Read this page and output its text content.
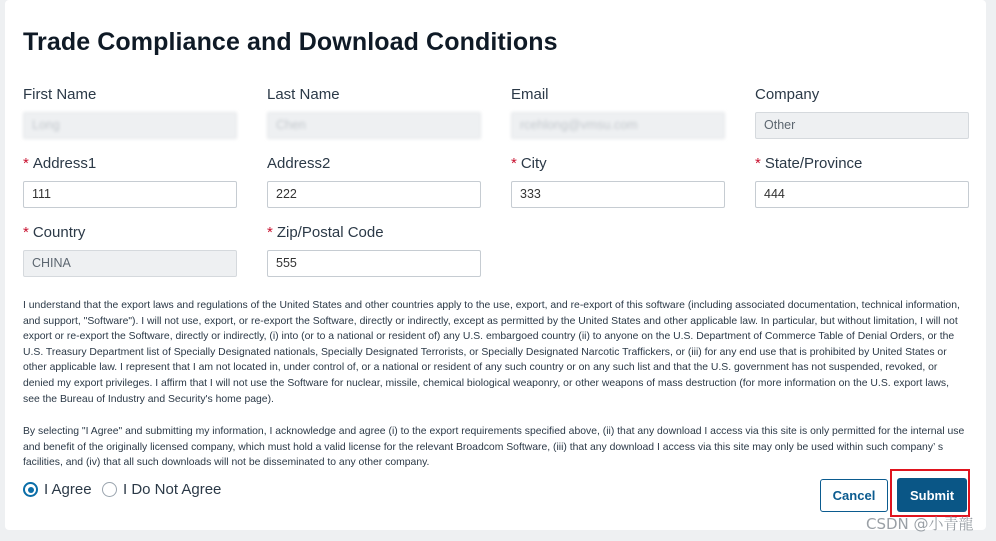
Trade Compliance and Download Conditions
First Name
Long
Last Name
Chen
Email
rcehlong@vmsu.com
Company
Other
* Address1
111
Address2
222
* City
333
* State/Province
444
* Country
CHINA
* Zip/Postal Code
555
I understand that the export laws and regulations of the United States and other countries apply to the use, export, and re-export of this software (including associated documentation, technical information, and support, "Software"). I will not use, export, or re-export the Software, directly or indirectly, except as permitted by the United States and other applicable law. In particular, but without limitation, I will not export or re-export the Software, directly or indirectly, (i) into (or to a national or resident of) any U.S. embargoed country (ii) to anyone on the U.S. Department of Commerce Table of Denial Orders, or the U.S. Treasury Department list of Specially Designated nationals, Specially Designated Terrorists, or Specially Designated Narcotic Traffickers, or (iii) for any end use that is prohibited by United States or other applicable law. I represent that I am not located in, under control of, or a national or resident of any such country or on any such list and that the U.S. government has not suspended, revoked, or denied my export privileges. I affirm that I will not use the Software for nuclear, missile, chemical biological weaponry, or other weapons of mass destruction (for more information on the U.S. export laws, see the Bureau of Industry and Security's home page).
By selecting "I Agree" and submitting my information, I acknowledge and agree (i) to the export requirements specified above, (ii) that any download I access via this site is only permitted for the internal use and benefit of the originally licensed company, which must hold a valid license for the relevant Broadcom Software, (iii) that any download I access via this site may only be used within such company’ s facilities, and (iv) that all such downloads will not be disseminated to any other company.
I Agree I Do Not Agree	Cancel	Submit
CSDN @小青龍
